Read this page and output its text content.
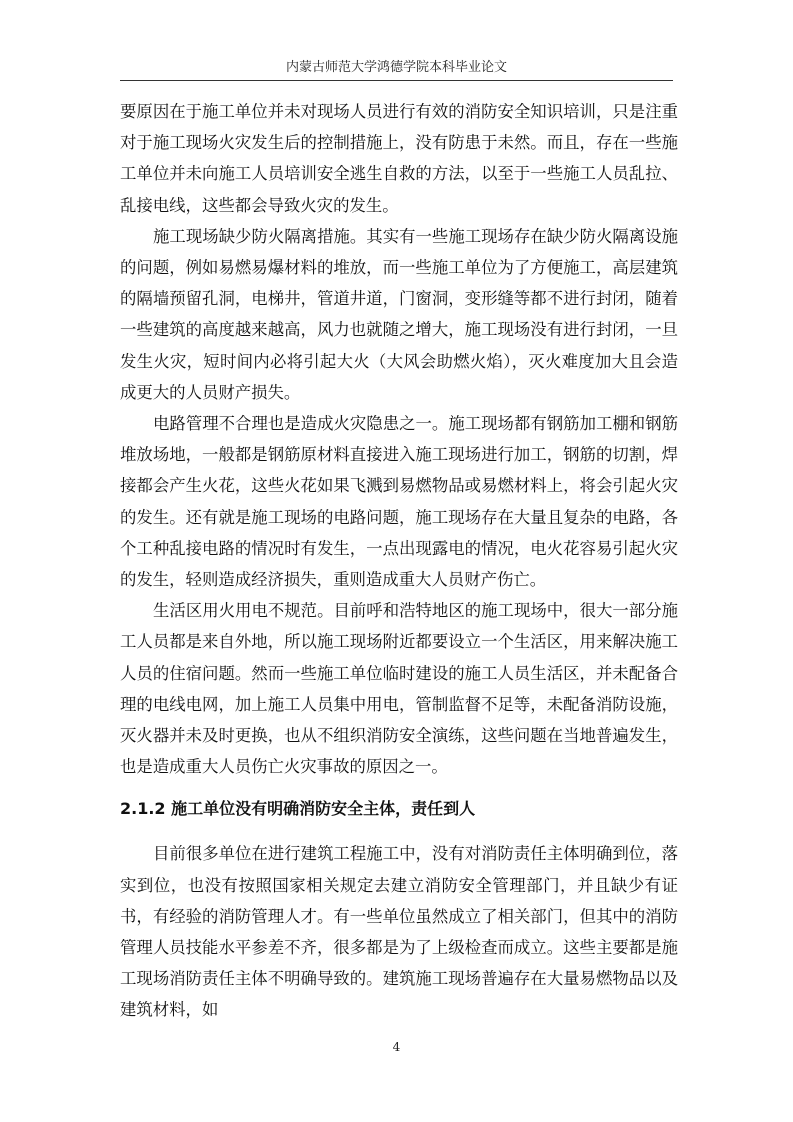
内蒙古师范大学鸿德学院本科毕业论文

要原因在于施工单位并未对现场人员进行有效的消防安全知识培训，只是注重对于施工现场火灾发生后的控制措施上，没有防患于未然。而且，存在一些施工单位并未向施工人员培训安全逃生自救的方法，以至于一些施工人员乱拉、乱接电线，这些都会导致火灾的发生。

施工现场缺少防火隔离措施。其实有一些施工现场存在缺少防火隔离设施的问题，例如易燃易爆材料的堆放，而一些施工单位为了方便施工，高层建筑的隔墙预留孔洞，电梯井，管道井道，门窗洞，变形缝等都不进行封闭，随着一些建筑的高度越来越高，风力也就随之增大，施工现场没有进行封闭，一旦发生火灾，短时间内必将引起大火（大风会助燃火焰），灭火难度加大且会造成更大的人员财产损失。

电路管理不合理也是造成火灾隐患之一。施工现场都有钢筋加工棚和钢筋堆放场地，一般都是钢筋原材料直接进入施工现场进行加工，钢筋的切割，焊接都会产生火花，这些火花如果飞溅到易燃物品或易燃材料上，将会引起火灾的发生。还有就是施工现场的电路问题，施工现场存在大量且复杂的电路，各个工种乱接电路的情况时有发生，一点出现露电的情况，电火花容易引起火灾的发生，轻则造成经济损失，重则造成重大人员财产伤亡。

生活区用火用电不规范。目前呼和浩特地区的施工现场中，很大一部分施工人员都是来自外地，所以施工现场附近都要设立一个生活区，用来解决施工人员的住宿问题。然而一些施工单位临时建设的施工人员生活区，并未配备合理的电线电网，加上施工人员集中用电，管制监督不足等，未配备消防设施，灭火器并未及时更换，也从不组织消防安全演练，这些问题在当地普遍发生，也是造成重大人员伤亡火灾事故的原因之一。

2.1.2 施工单位没有明确消防安全主体，责任到人

目前很多单位在进行建筑工程施工中，没有对消防责任主体明确到位，落实到位，也没有按照国家相关规定去建立消防安全管理部门，并且缺少有证书，有经验的消防管理人才。有一些单位虽然成立了相关部门，但其中的消防管理人员技能水平参差不齐，很多都是为了上级检查而成立。这些主要都是施工现场消防责任主体不明确导致的。建筑施工现场普遍存在大量易燃物品以及建筑材料，如

4
